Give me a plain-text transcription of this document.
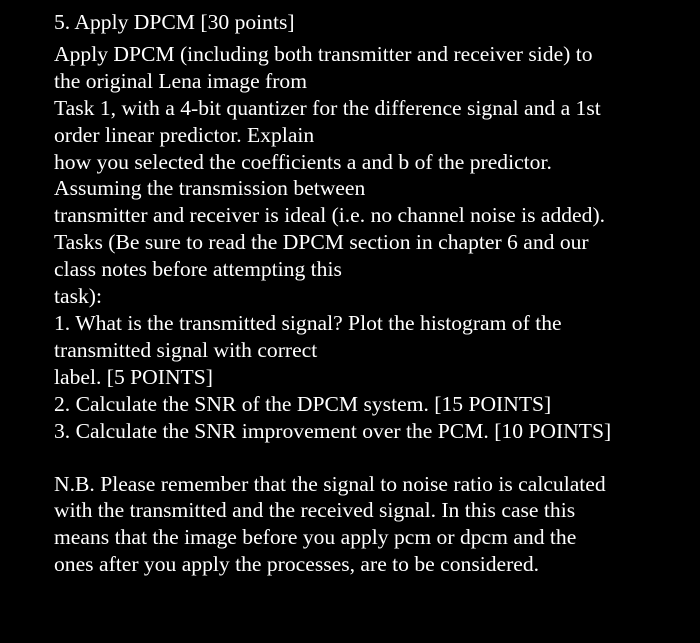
5. Apply DPCM [30 points]
Apply DPCM (including both transmitter and receiver side) to
the original Lena image from
Task 1, with a 4-bit quantizer for the difference signal and a 1st
order linear predictor. Explain
how you selected the coefficients a and b of the predictor.
Assuming the transmission between
transmitter and receiver is ideal (i.e. no channel noise is added).
Tasks (Be sure to read the DPCM section in chapter 6 and our
class notes before attempting this
task):
1. What is the transmitted signal? Plot the histogram of the
transmitted signal with correct
label. [5 POINTS]
2. Calculate the SNR of the DPCM system. [15 POINTS]
3. Calculate the SNR improvement over the PCM. [10 POINTS]
N.B. Please remember that the signal to noise ratio is calculated
with the transmitted and the received signal. In this case this
means that the image before you apply pcm or dpcm and the
ones after you apply the processes, are to be considered.
